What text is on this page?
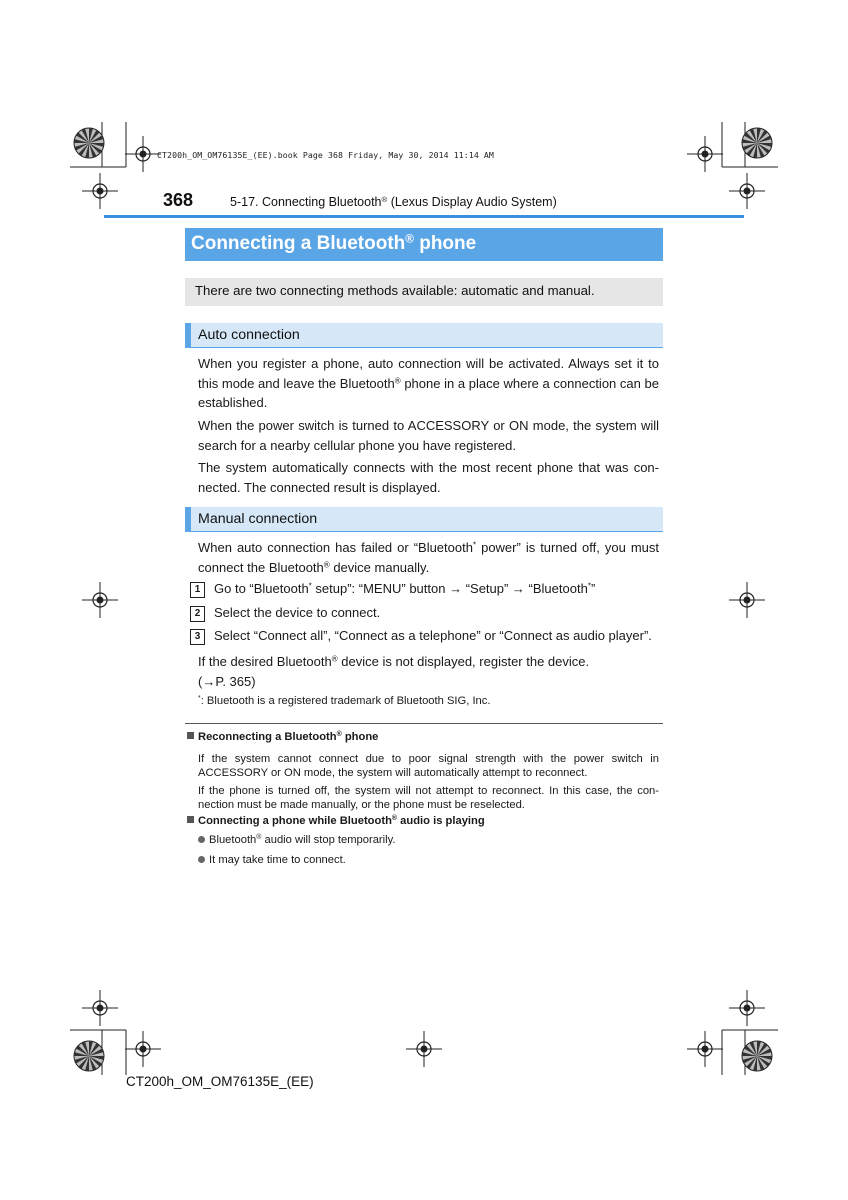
CT200h_OM_OM76135E_(EE).book Page 368 Friday, May 30, 2014 11:14 AM
368	5-17. Connecting Bluetooth® (Lexus Display Audio System)
Connecting a Bluetooth® phone
There are two connecting methods available: automatic and manual.
Auto connection
When you register a phone, auto connection will be activated. Always set it to this mode and leave the Bluetooth® phone in a place where a connection can be established.
When the power switch is turned to ACCESSORY or ON mode, the system will search for a nearby cellular phone you have registered.
The system automatically connects with the most recent phone that was con-nected. The connected result is displayed.
Manual connection
When auto connection has failed or “Bluetooth* power” is turned off, you must connect the Bluetooth® device manually.
1 Go to “Bluetooth* setup”: “MENU” button → “Setup” → “Bluetooth*”
2 Select the device to connect.
3 Select “Connect all”, “Connect as a telephone” or “Connect as audio player”.
If the desired Bluetooth® device is not displayed, register the device.
(→P. 365)
*: Bluetooth is a registered trademark of Bluetooth SIG, Inc.
Reconnecting a Bluetooth® phone
If the system cannot connect due to poor signal strength with the power switch in ACCESSORY or ON mode, the system will automatically attempt to reconnect.
If the phone is turned off, the system will not attempt to reconnect. In this case, the con-nection must be made manually, or the phone must be reselected.
Connecting a phone while Bluetooth® audio is playing
Bluetooth® audio will stop temporarily.
It may take time to connect.
CT200h_OM_OM76135E_(EE)
